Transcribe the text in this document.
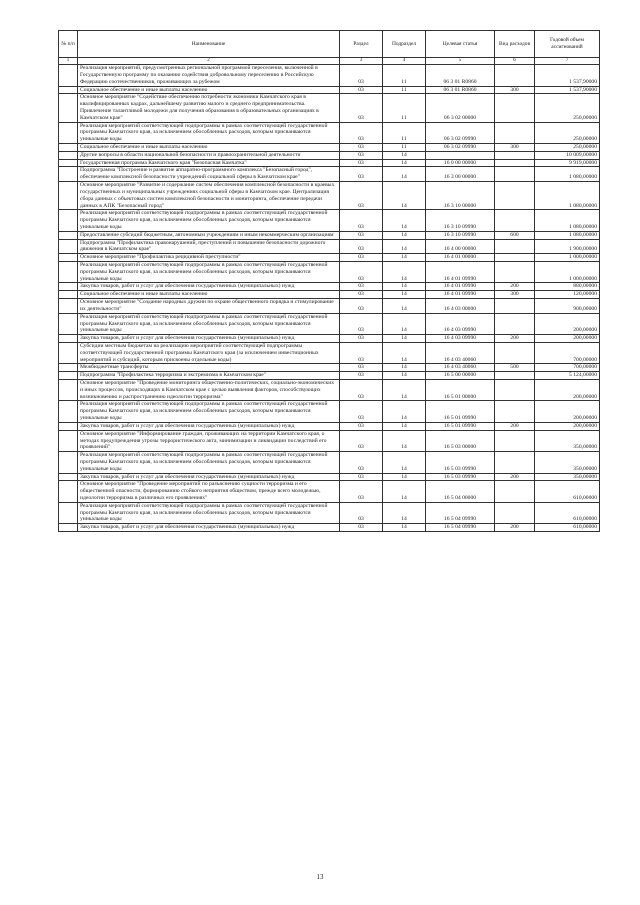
№ п/п	Наименование	Раздел	Подраздел	Целевая статья	Вид расходов	Годовой объем ассигнований
1	2	3	4	5	6	7
	Реализация мероприятий, предусмотренных региональной программой переселения, включенной в Государственную программу по оказанию содействия добровольному переселению в Российскую Федерацию соотечественников, проживающих за рубежом	03	11	06 3 01 R0860		1 537,90000
	Социальное обеспечение и иные выплаты населению	03	11	06 3 01 R0860	300	1 537,90000
	Основное мероприятие "Содействие обеспечению потребности экономики Камчатского края в квалифицированных кадрах, дальнейшему развитию малого и среднего предпринимательства. Привлечение талантливой молодежи для получения образования в образовательных организациях в Камчатском крае"	03	11	06 3 02 00000		250,00000
	Реализация мероприятий соответствующей подпрограммы в рамках соответствующей государственной программы Камчатского края, за исключением обособленных расходов, которым присваиваются уникальные коды	03	11	06 3 02 09990		250,00000
	Социальное обеспечение и иные выплаты населению	03	11	06 3 02 09990	300	250,00000
	Другие вопросы в области национальной безопасности и правоохранительной деятельности	03	14			10 009,00000
	Государственная программа Камчатского края "Безопасная Камчатка"	03	14	16 0 00 00000		9 919,00000
	Подпрограмма "Построение и развитие аппаратно-программного комплекса "Безопасный город", обеспечение комплексной безопасности учреждений социальной сферы в Камчатском крае"	03	14	16 3 00 00000		1 080,00000
	Основное мероприятие "Развитие и содержание систем обеспечения комплексной безопасности в краевых государственных и муниципальных учреждениях социальной сферы в Камчатском крае. Централизация сбора данных с объектовых систем комплексной безопасности и мониторинга, обеспечение передачи данных в АПК "Безопасный город"	03	14	16 3 10 00000		1 080,00000
	Реализация мероприятий соответствующей подпрограммы в рамках соответствующей государственной программы Камчатского края, за исключением обособленных расходов, которым присваиваются уникальные коды	03	14	16 3 10 09990		1 080,00000
	Предоставление субсидий бюджетным, автономным учреждениям и иным некоммерческим организациям	03	14	16 3 10 09990	600	1 080,00000
	Подпрограмма "Профилактика правонарушений, преступлений и повышение безопасности дорожного движения в Камчатском крае"	03	14	16 4 00 00000		1 900,00000
	Основное мероприятие "Профилактика рецидивной преступности"	03	14	16 4 01 00000		1 000,00000
	Реализация мероприятий соответствующей подпрограммы в рамках соответствующей государственной программы Камчатского края, за исключением обособленных расходов, которым присваиваются уникальные коды	03	14	16 4 01 09990		1 000,00000
	Закупка товаров, работ и услуг для обеспечения государственных (муниципальных) нужд	03	14	16 4 01 09990	200	880,00000
	Социальное обеспечение и иные выплаты населению	03	14	16 4 01 09990	300	120,00000
	Основное мероприятие "Создание народных дружин по охране общественного порядка и стимулирование их деятельности"	03	14	16 4 03 00000		900,00000
	Реализация мероприятий соответствующей подпрограммы в рамках соответствующей государственной программы Камчатского края, за исключением обособленных расходов, которым присваиваются уникальные коды	03	14	16 4 03 09990		200,00000
	Закупка товаров, работ и услуг для обеспечения государственных (муниципальных) нужд	03	14	16 4 03 09990	200	200,00000
	Субсидии местным бюджетам на реализацию мероприятий соответствующей подпрограммы соответствующей государственной программы Камчатского края (за исключением инвестиционных мероприятий и субсидий, которым присвоены отдельные коды)	03	14	16 4 03 40060		700,00000
	Межбюджетные трансферты	03	14	16 4 03 40060	500	700,00000
	Подпрограмма "Профилактика терроризма и экстремизма в Камчатском крае"	03	14	16 5 00 00000		5 124,00000
	Основное мероприятие "Проведение мониторинга общественно-политических, социально-экономических и иных процессов, происходящих в Камчатском крае с целью выявления факторов, способствующих возникновению и распространению идеологии терроризма"	03	14	16 5 01 00000		200,00000
	Реализация мероприятий соответствующей подпрограммы в рамках соответствующей государственной программы Камчатского края, за исключением обособленных расходов, которым присваиваются уникальные коды	03	14	16 5 01 09990		200,00000
	Закупка товаров, работ и услуг для обеспечения государственных (муниципальных) нужд	03	14	16 5 01 09990	200	200,00000
	Основное мероприятие "Информирование граждан, проживающих на территории Камчатского края, о методах предупреждения угрозы террористического акта, минимизации и ликвидации последствий его проявлений"	03	14	16 5 03 00000		350,00000
	Реализация мероприятий соответствующей подпрограммы в рамках соответствующей государственной программы Камчатского края, за исключением обособленных расходов, которым присваиваются уникальные коды	03	14	16 5 03 09990		350,00000
	Закупка товаров, работ и услуг для обеспечения государственных (муниципальных) нужд	03	14	16 5 03 09990	200	350,00000
	Основное мероприятие "Проведение мероприятий по разъяснению сущности терроризма и его общественной опасности, формированию стойкого неприятия обществом, прежде всего молодежью, идеологии терроризма в различных его проявлениях"	03	14	16 5 04 00000		610,00000
	Реализация мероприятий соответствующей подпрограммы в рамках соответствующей государственной программы Камчатского края, за исключением обособленных расходов, которым присваиваются уникальные коды	03	14	16 5 04 09990		610,00000
	Закупка товаров, работ и услуг для обеспечения государственных (муниципальных) нужд	03	14	16 5 04 09990	200	610,00000
13
